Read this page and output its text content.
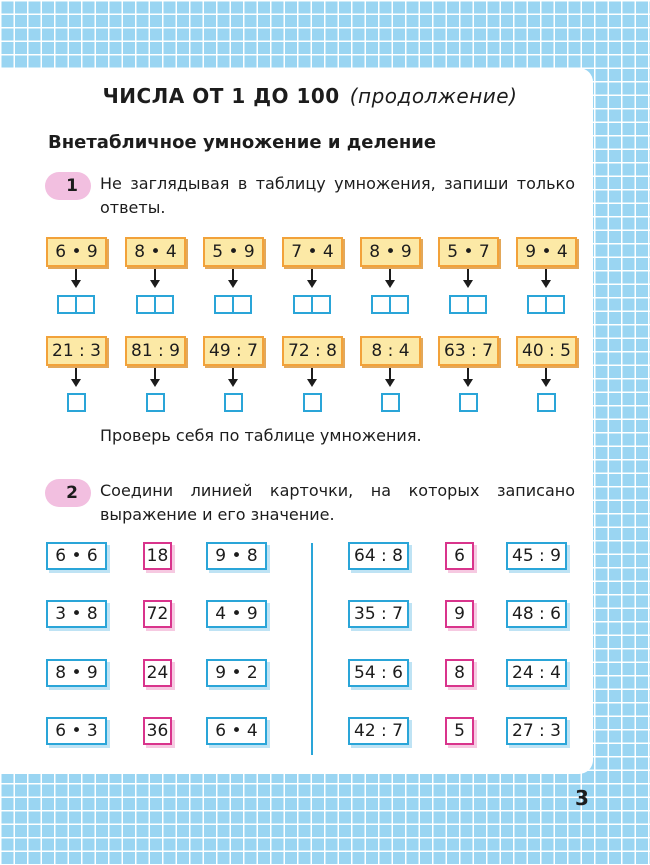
ЧИСЛА ОТ 1 ДО 100 (продолжение)
Внетабличное умножение и деление
1	Не заглядывая в таблицу умножения, запиши только ответы.
6 • 9	8 • 4	5 • 9	7 • 4	8 • 9	5 • 7	9 • 4
21 : 3	81 : 9	49 : 7	72 : 8	8 : 4	63 : 7	40 : 5
Проверь себя по таблице умножения.
2	Соедини линией карточки, на которых записано выражение и его значение.
6 • 6	18	9 • 8
3 • 8	72	4 • 9
8 • 9	24	9 • 2
6 • 3	36	6 • 4
64 : 8	6	45 : 9
35 : 7	9	48 : 6
54 : 6	8	24 : 4
42 : 7	5	27 : 3
3
